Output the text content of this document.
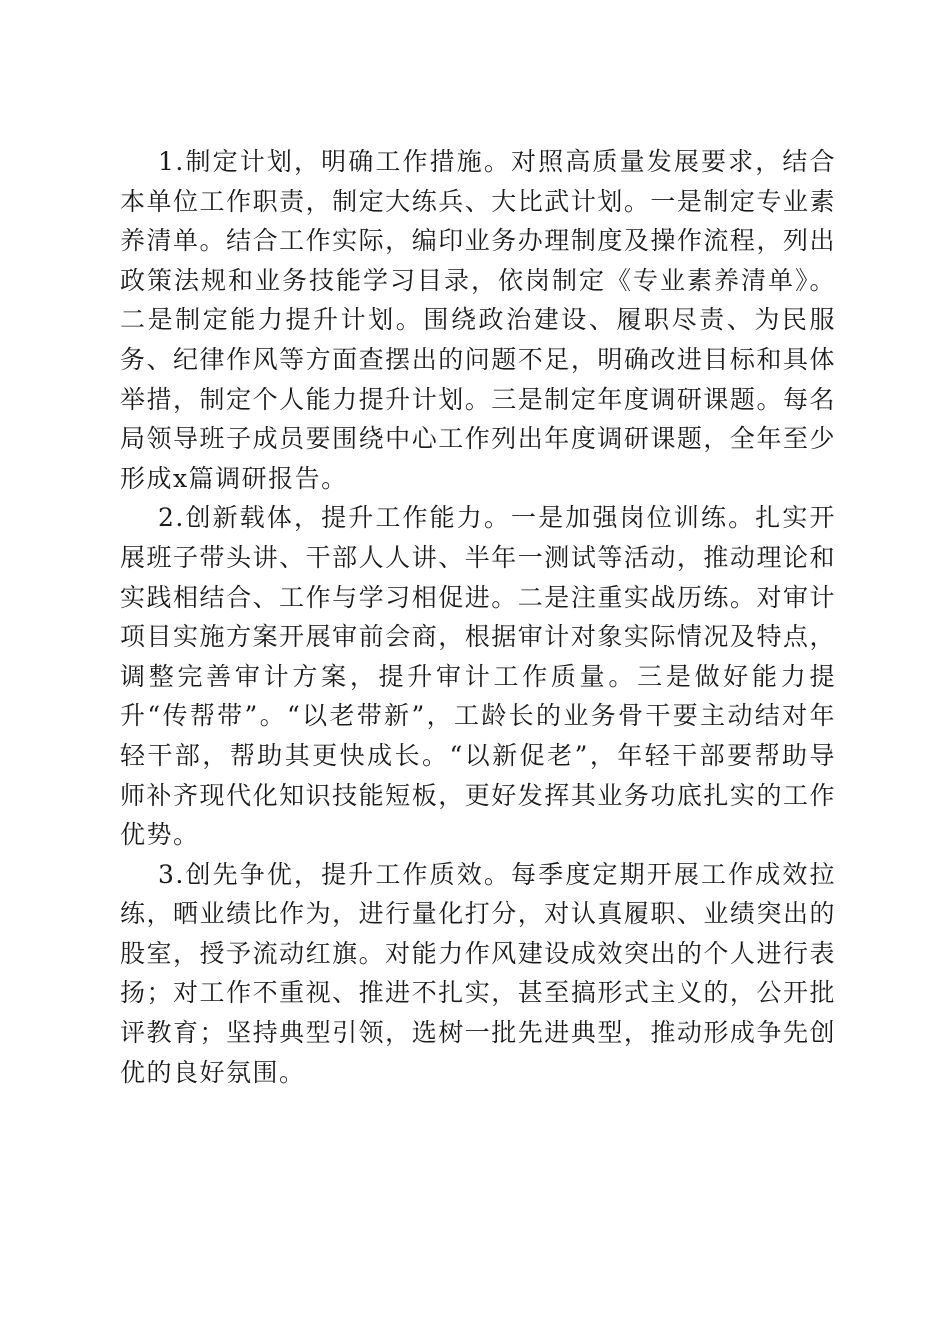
1.制定计划，明确工作措施。对照高质量发展要求，结合本单位工作职责，制定大练兵、大比武计划。一是制定专业素养清单。结合工作实际，编印业务办理制度及操作流程，列出政策法规和业务技能学习目录，依岗制定《专业素养清单》。二是制定能力提升计划。围绕政治建设、履职尽责、为民服务、纪律作风等方面查摆出的问题不足，明确改进目标和具体举措，制定个人能力提升计划。三是制定年度调研课题。每名局领导班子成员要围绕中心工作列出年度调研课题，全年至少形成x篇调研报告。

2.创新载体，提升工作能力。一是加强岗位训练。扎实开展班子带头讲、干部人人讲、半年一测试等活动，推动理论和实践相结合、工作与学习相促进。二是注重实战历练。对审计项目实施方案开展审前会商，根据审计对象实际情况及特点，调整完善审计方案，提升审计工作质量。三是做好能力提升“传帮带”。“以老带新”，工龄长的业务骨干要主动结对年轻干部，帮助其更快成长。“以新促老”，年轻干部要帮助导师补齐现代化知识技能短板，更好发挥其业务功底扎实的工作优势。

3.创先争优，提升工作质效。每季度定期开展工作成效拉练，晒业绩比作为，进行量化打分，对认真履职、业绩突出的股室，授予流动红旗。对能力作风建设成效突出的个人进行表扬；对工作不重视、推进不扎实，甚至搞形式主义的，公开批评教育；坚持典型引领，选树一批先进典型，推动形成争先创优的良好氛围。
